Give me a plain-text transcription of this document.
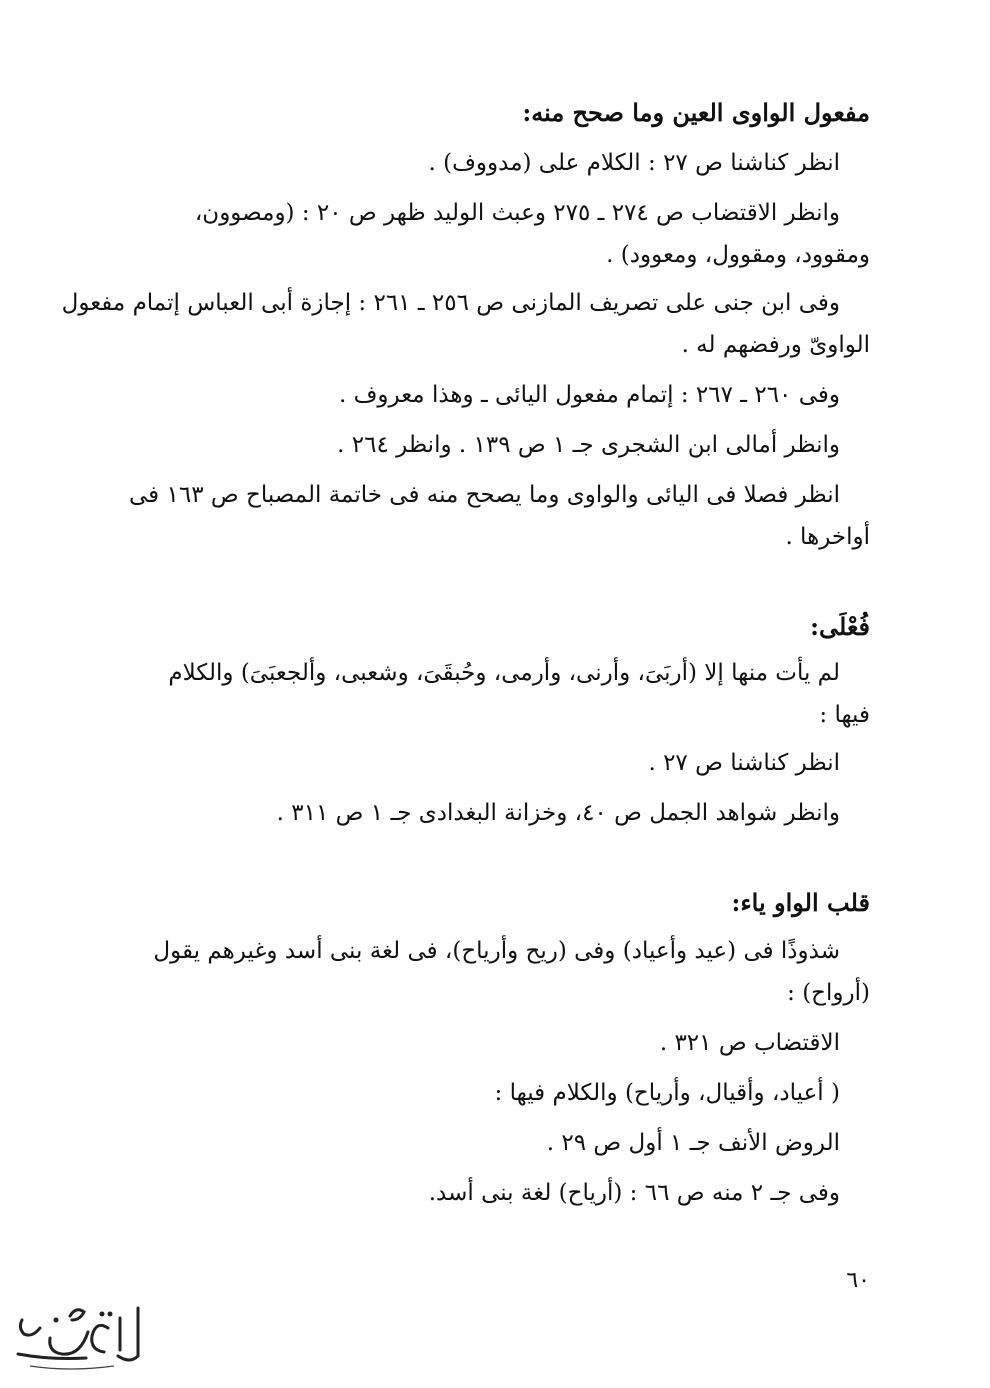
مفعول الواوى العين وما صحح منه:

انظر كناشنا ص ٢٧ : الكلام على (مدووف) .

وانظر الاقتضاب ص ٢٧٤ ـ ٢٧٥ وعبث الوليد ظهر ص ٢٠ : (ومصوون،

ومقوود، ومقوول، ومعوود) .

وفى ابن جنى على تصريف المازنى ص ٢٥٦ ـ ٢٦١ : إجازة أبى العباس إتمام مفعول

الواوىّ ورفضهم له .

وفى ٢٦٠ ـ ٢٦٧ : إتمام مفعول اليائى ـ وهذا معروف .

وانظر أمالى ابن الشجرى جـ ١ ص ١٣٩ . وانظر ٢٦٤ .

انظر فصلا فى اليائى والواوى وما يصحح منه فى خاتمة المصباح ص ١٦٣ فى

أواخرها .

فُعْلَى:

لم يأت منها إلا (أربَىَ، وأرنى، وأرمى، وحُبقَىَ، وشعبى، وألجعبَىَ) والكلام

فيها :

انظر كناشنا ص ٢٧ .

وانظر شواهد الجمل ص ٤٠، وخزانة البغدادى جـ ١ ص ٣١١ .

قلب الواو ياء:

شذوذًا فى (عيد وأعياد) وفى (ريح وأرياح)، فى لغة بنى أسد وغيرهم يقول

(أرواح) :

الاقتضاب ص ٣٢١ .

( أعياد، وأقيال، وأرياح) والكلام فيها :

الروض الأنف جـ ١ أول ص ٢٩ .

وفى جـ ٢ منه ص ٦٦ : (أرياح) لغة بنى أسد.

٦٠
